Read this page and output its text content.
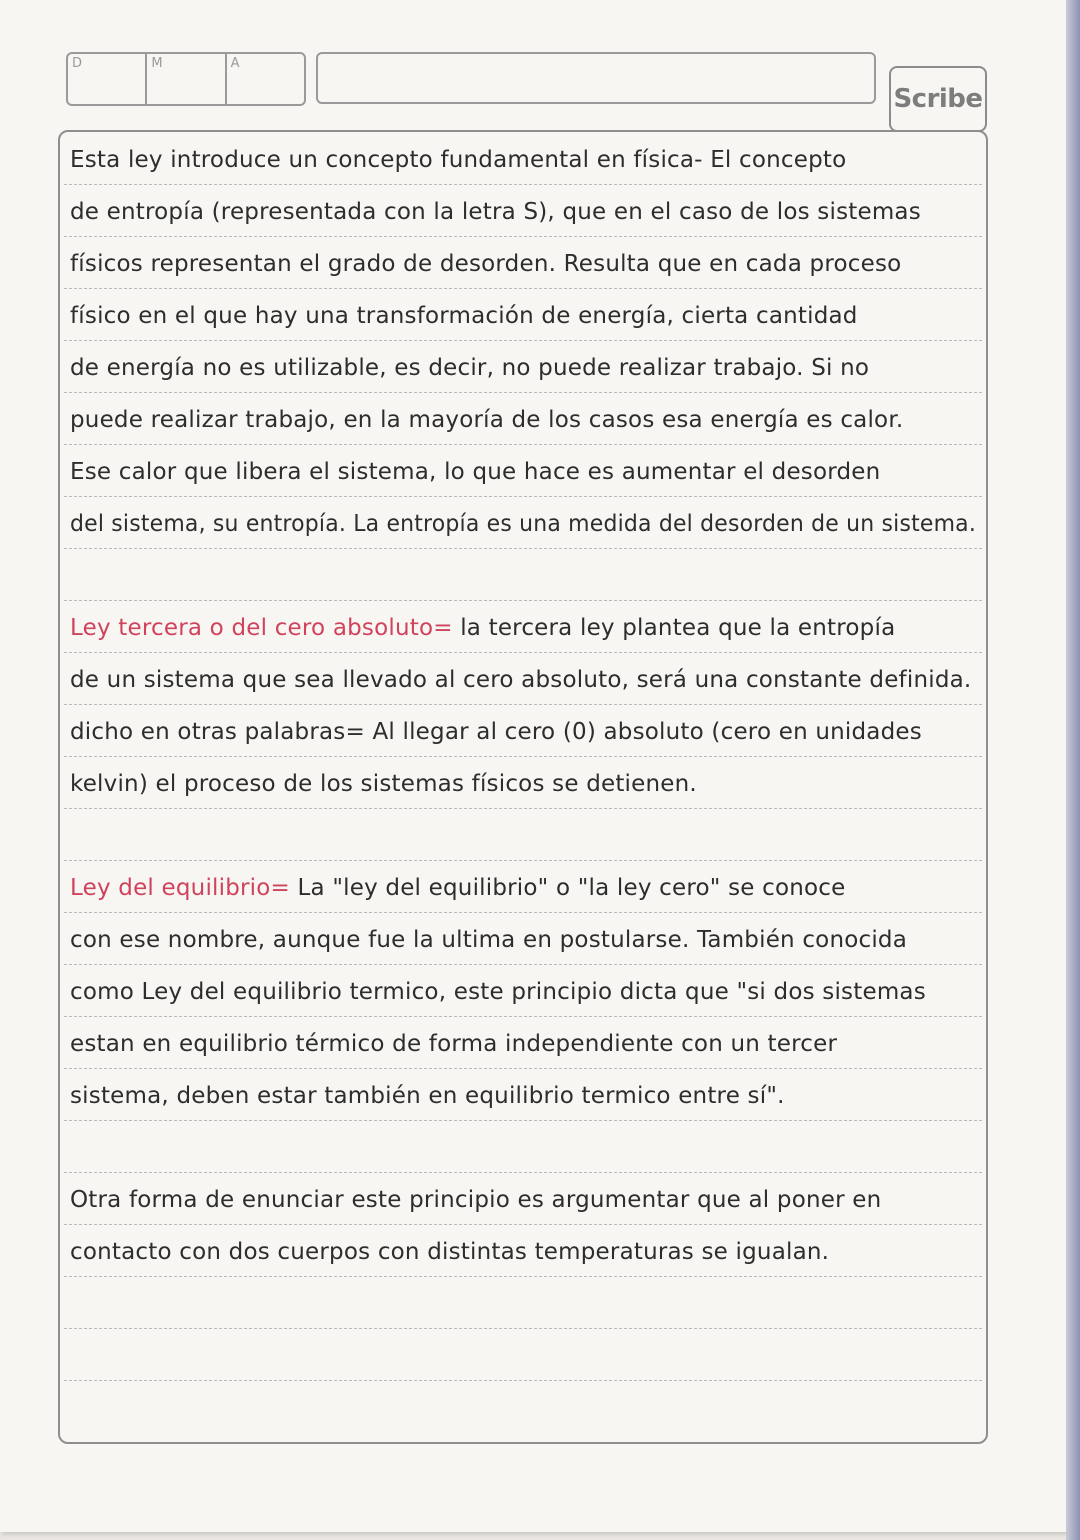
D	M	A
Scribe
Esta ley introduce un concepto fundamental en física- El concepto
de entropía (representada con la letra S), que en el caso de los sistemas
físicos representan el grado de desorden. Resulta que en cada proceso
físico en el que hay una transformación de energía, cierta cantidad
de energía no es utilizable, es decir, no puede realizar trabajo. Si no
puede realizar trabajo, en la mayoría de los casos esa energía es calor.
Ese calor que libera el sistema, lo que hace es aumentar el desorden
del sistema, su entropía. La entropía es una medida del desorden de un sistema.
Ley tercera o del cero absoluto= la tercera ley plantea que la entropía
de un sistema que sea llevado al cero absoluto, será una constante definida.
dicho en otras palabras= Al llegar al cero (0) absoluto (cero en unidades
kelvin) el proceso de los sistemas físicos se detienen.
Ley del equilibrio= La "ley del equilibrio" o "la ley cero" se conoce
con ese nombre, aunque fue la ultima en postularse. También conocida
como Ley del equilibrio termico, este principio dicta que "si dos sistemas
estan en equilibrio térmico de forma independiente con un tercer
sistema, deben estar también en equilibrio termico entre sí".
Otra forma de enunciar este principio es argumentar que al poner en
contacto con dos cuerpos con distintas temperaturas se igualan.
